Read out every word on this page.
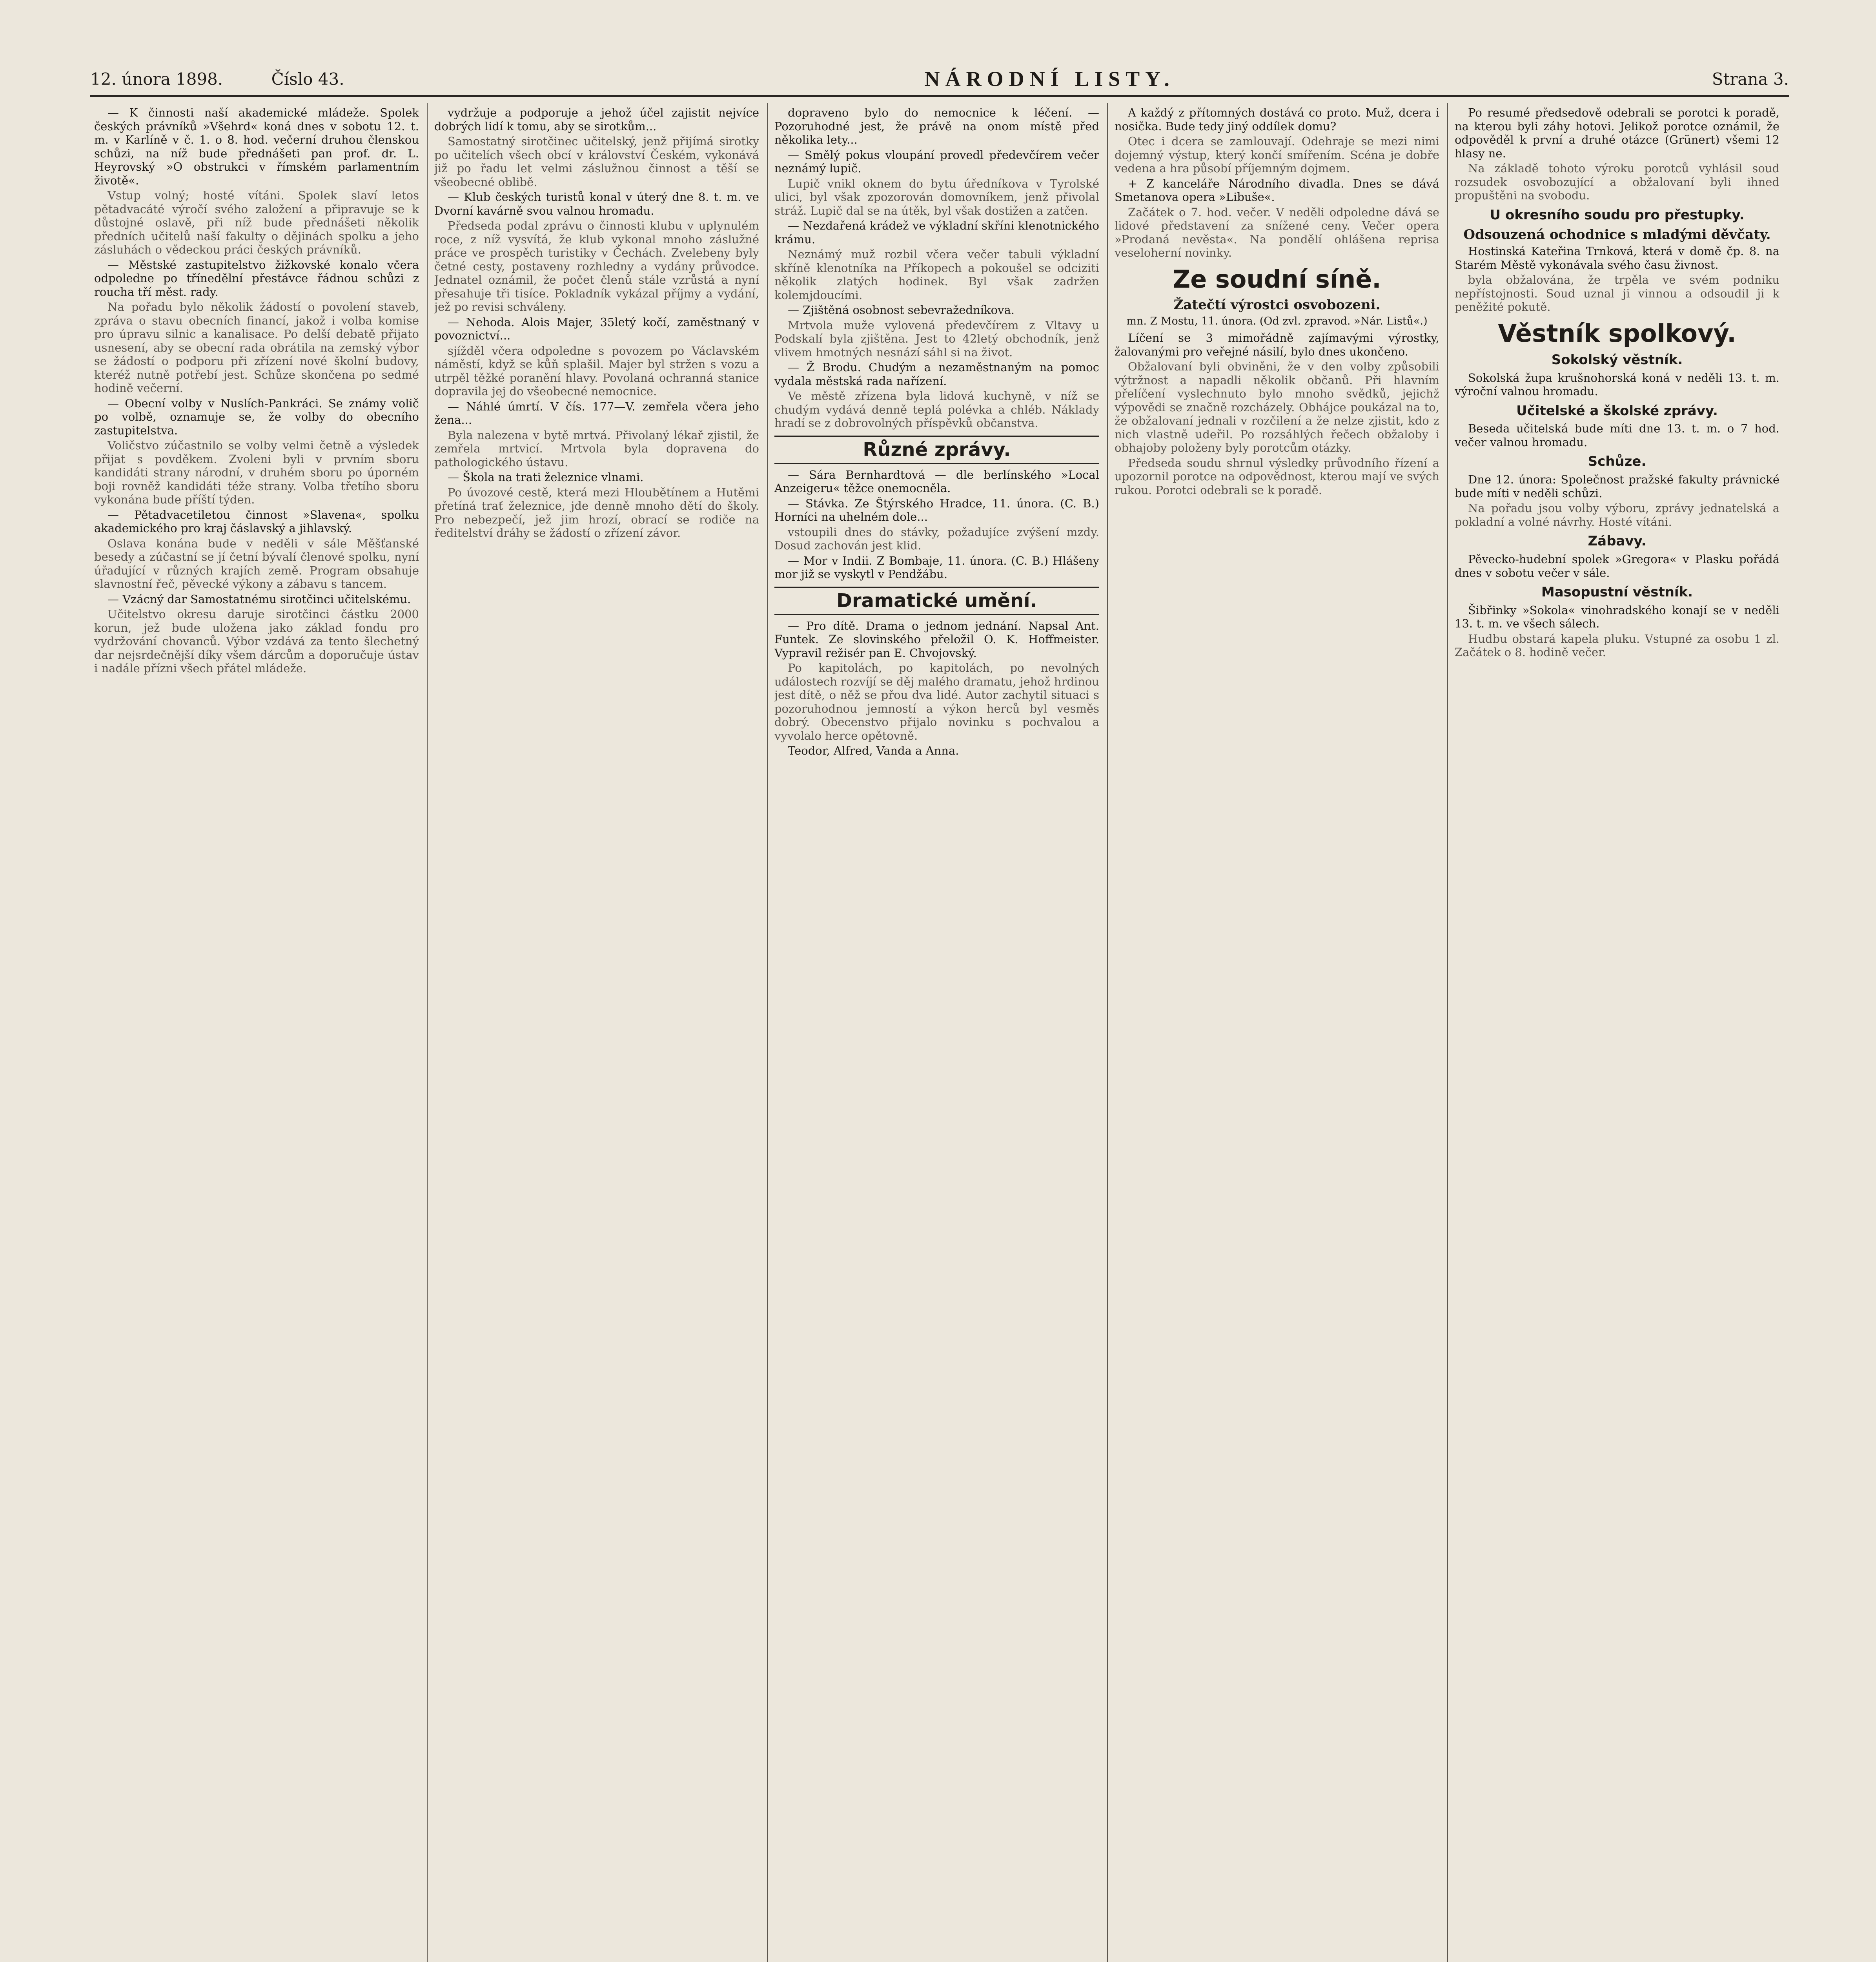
12. února 1898.	Číslo 43.	NÁRODNÍ LISTY.	Strana 3.

— K činnosti naší akademické mládeže. Spolek českých právníků »Všehrd« koná dnes v sobotu 12. t. m. v Karlíně v č. 1. o 8. hod. večerní druhou členskou schůzi, na níž bude přednášeti pan prof. dr. L. Heyrovský »O obstrukci v římském parlamentním životě«.

Vstup volný; hosté vítáni. Spolek slaví letos pětadvacáté výročí svého založení a připravuje se k důstojné oslavě, při níž bude přednášeti několik předních učitelů naší fakulty o dějinách spolku a jeho zásluhách o vědeckou práci českých právníků.

— Městské zastupitelstvo žižkovské konalo včera odpoledne po třínedělní přestávce řádnou schůzi z roucha tří měst. rady.

Na pořadu bylo několik žádostí o povolení staveb, zpráva o stavu obecních financí, jakož i volba komise pro úpravu silnic a kanalisace. Po delší debatě přijato usnesení, aby se obecní rada obrátila na zemský výbor se žádostí o podporu při zřízení nové školní budovy, kteréž nutně potřebí jest. Schůze skončena po sedmé hodině večerní.

— Obecní volby v Nuslích-Pankráci. Se známy volič po volbě, oznamuje se, že volby do obecního zastupitelstva.

Voličstvo zúčastnilo se volby velmi četně a výsledek přijat s povděkem. Zvoleni byli v prvním sboru kandidáti strany národní, v druhém sboru po úporném boji rovněž kandidáti téže strany. Volba třetího sboru vykonána bude příští týden.

— Pětadvacetiletou činnost »Slavena«, spolku akademického pro kraj čáslavský a jihlavský.

Oslava konána bude v neděli v sále Měšťanské besedy a zúčastní se jí četní bývalí členové spolku, nyní úřadující v různých krajích země. Program obsahuje slavnostní řeč, pěvecké výkony a zábavu s tancem.

— Vzácný dar Samostatnému sirotčinci učitelskému.

Učitelstvo okresu daruje sirotčinci částku 2000 korun, jež bude uložena jako základ fondu pro vydržování chovanců. Výbor vzdává za tento šlechetný dar nejsrdečnější díky všem dárcům a doporučuje ústav i nadále přízni všech přátel mládeže.

vydržuje a podporuje a jehož účel zajistit nejvíce dobrých lidí k tomu, aby se sirotkům...

Samostatný sirotčinec učitelský, jenž přijímá sirotky po učitelích všech obcí v království Českém, vykonává již po řadu let velmi záslužnou činnost a těší se všeobecné oblibě.

— Klub českých turistů konal v úterý dne 8. t. m. ve Dvorní kavárně svou valnou hromadu.

Předseda podal zprávu o činnosti klubu v uplynulém roce, z níž vysvítá, že klub vykonal mnoho záslužné práce ve prospěch turistiky v Čechách. Zvelebeny byly četné cesty, postaveny rozhledny a vydány průvodce. Jednatel oznámil, že počet členů stále vzrůstá a nyní přesahuje tři tisíce. Pokladník vykázal příjmy a vydání, jež po revisi schváleny.

— Nehoda. Alois Majer, 35letý kočí, zaměstnaný v povoznictví...

sjížděl včera odpoledne s povozem po Václavském náměstí, když se kůň splašil. Majer byl stržen s vozu a utrpěl těžké poranění hlavy. Povolaná ochranná stanice dopravila jej do všeobecné nemocnice.

— Náhlé úmrtí. V čís. 177—V. zemřela včera jeho žena...

Byla nalezena v bytě mrtvá. Přivolaný lékař zjistil, že zemřela mrtvicí. Mrtvola byla dopravena do pathologického ústavu.

— Škola na trati železnice vlnami.

Po úvozové cestě, která mezi Hloubětínem a Hutěmi přetíná trať železnice, jde denně mnoho dětí do školy. Pro nebezpečí, jež jim hrozí, obrací se rodiče na ředitelství dráhy se žádostí o zřízení závor.

dopraveno bylo do nemocnice k léčení. — Pozoruhodné jest, že právě na onom místě před několika lety...

— Smělý pokus vloupání provedl předevčírem večer neznámý lupič.

Lupič vnikl oknem do bytu úředníkova v Tyrolské ulici, byl však zpozorován domovníkem, jenž přivolal stráž. Lupič dal se na útěk, byl však dostižen a zatčen.

— Nezdařená krádež ve výkladní skříni klenotnického krámu.

Neznámý muž rozbil včera večer tabuli výkladní skříně klenotníka na Příkopech a pokoušel se odciziti několik zlatých hodinek. Byl však zadržen kolemjdoucími.

— Zjištěná osobnost sebevražedníkova.

Mrtvola muže vylovená předevčírem z Vltavy u Podskalí byla zjištěna. Jest to 42letý obchodník, jenž vlivem hmotných nesnází sáhl si na život.

— Ž Brodu. Chudým a nezaměstnaným na pomoc vydala městská rada nařízení.

Ve městě zřízena byla lidová kuchyně, v níž se chudým vydává denně teplá polévka a chléb. Náklady hradí se z dobrovolných příspěvků občanstva.

Různé zprávy.

— Sára Bernhardtová — dle berlínského »Local Anzeigeru« těžce onemocněla.

— Stávka. Ze Štýrského Hradce, 11. února. (C. B.) Horníci na uhelném dole...

vstoupili dnes do stávky, požadujíce zvýšení mzdy. Dosud zachován jest klid.

— Mor v Indii. Z Bombaje, 11. února. (C. B.) Hlášeny mor již se vyskytl v Pendžábu.

Dramatické umění.

— Pro dítě. Drama o jednom jednání. Napsal Ant. Funtek. Ze slovinského přeložil O. K. Hoffmeister. Vypravil režisér pan E. Chvojovský.

Po kapitolách, po kapitolách, po nevolných událostech rozvíjí se děj malého dramatu, jehož hrdinou jest dítě, o něž se přou dva lidé. Autor zachytil situaci s pozoruhodnou jemností a výkon herců byl vesměs dobrý. Obecenstvo přijalo novinku s pochvalou a vyvolalo herce opětovně.

Teodor, Alfred, Vanda a Anna.

A každý z přítomných dostává co proto. Muž, dcera i nosička. Bude tedy jiný oddílek domu?

Otec i dcera se zamlouvají. Odehraje se mezi nimi dojemný výstup, který končí smířením. Scéna je dobře vedena a hra působí příjemným dojmem.

+ Z kanceláře Národního divadla. Dnes se dává Smetanova opera »Libuše«.

Začátek o 7. hod. večer. V neděli odpoledne dává se lidové představení za snížené ceny. Večer opera »Prodaná nevěsta«. Na pondělí ohlášena reprisa veseloherní novinky.

Ze soudní síně.
Žatečtí výrostci osvobozeni.
mn. Z Mostu, 11. února. (Od zvl. zpravod. »Nár. Listů«.)

Líčení se 3 mimořádně zajímavými výrostky, žalovanými pro veřejné násilí, bylo dnes ukončeno.

Obžalovaní byli obviněni, že v den volby způsobili výtržnost a napadli několik občanů. Při hlavním přelíčení vyslechnuto bylo mnoho svědků, jejichž výpovědi se značně rozcházely. Obhájce poukázal na to, že obžalovaní jednali v rozčilení a že nelze zjistit, kdo z nich vlastně udeřil. Po rozsáhlých řečech obžaloby i obhajoby položeny byly porotcům otázky.

Předseda soudu shrnul výsledky průvodního řízení a upozornil porotce na odpovědnost, kterou mají ve svých rukou. Porotci odebrali se k poradě.

Po resumé předsedově odebrali se porotci k poradě, na kterou byli záhy hotovi. Jelikož porotce oznámil, že odpověděl k první a druhé otázce (Grünert) všemi 12 hlasy ne.

Na základě tohoto výroku porotců vyhlásil soud rozsudek osvobozující a obžalovaní byli ihned propuštěni na svobodu.

U okresního soudu pro přestupky.
Odsouzená ochodnice s mladými děvčaty.

Hostinská Kateřina Trnková, která v domě čp. 8. na Starém Městě vykonávala svého času živnost.

byla obžalována, že trpěla ve svém podniku nepřístojnosti. Soud uznal ji vinnou a odsoudil ji k peněžité pokutě.

Věstník spolkový.
Sokolský věstník.

Sokolská župa krušnohorská koná v neděli 13. t. m. výroční valnou hromadu.

Učitelské a školské zprávy.

Beseda učitelská bude míti dne 13. t. m. o 7 hod. večer valnou hromadu.

Schůze.

Dne 12. února: Společnost pražské fakulty právnické bude míti v neděli schůzi.

Na pořadu jsou volby výboru, zprávy jednatelská a pokladní a volné návrhy. Hosté vítáni.

Zábavy.

Pěvecko-hudební spolek »Gregora« v Plasku pořádá dnes v sobotu večer v sále.

Masopustní věstník.

Šibřinky »Sokola« vinohradského konají se v neděli 13. t. m. ve všech sálech.

Hudbu obstará kapela pluku. Vstupné za osobu 1 zl. Začátek o 8. hodině večer.
